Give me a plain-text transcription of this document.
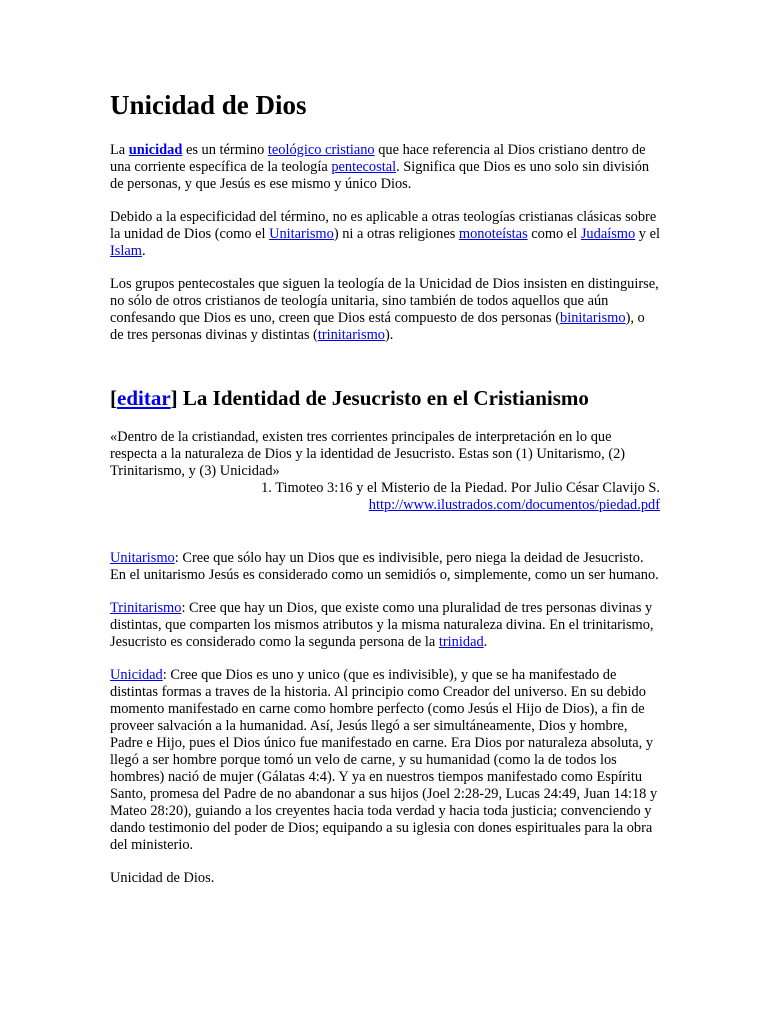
Unicidad de Dios

La unicidad es un término teológico cristiano que hace referencia al Dios cristiano dentro de una corriente específica de la teología pentecostal. Significa que Dios es uno solo sin división de personas, y que Jesús es ese mismo y único Dios.

Debido a la especificidad del término, no es aplicable a otras teologías cristianas clásicas sobre la unidad de Dios (como el Unitarismo) ni a otras religiones monoteístas como el Judaísmo y el Islam.

Los grupos pentecostales que siguen la teología de la Unicidad de Dios insisten en distinguirse, no sólo de otros cristianos de teología unitaria, sino también de todos aquellos que aún confesando que Dios es uno, creen que Dios está compuesto de dos personas (binitarismo), o de tres personas divinas y distintas (trinitarismo).

[editar] La Identidad de Jesucristo en el Cristianismo

«Dentro de la cristiandad, existen tres corrientes principales de interpretación en lo que respecta a la naturaleza de Dios y la identidad de Jesucristo. Estas son (1) Unitarismo, (2) Trinitarismo, y (3) Unicidad»

1. Timoteo 3:16 y el Misterio de la Piedad. Por Julio César Clavijo S.
http://www.ilustrados.com/documentos/piedad.pdf

Unitarismo: Cree que sólo hay un Dios que es indivisible, pero niega la deidad de Jesucristo. En el unitarismo Jesús es considerado como un semidiós o, simplemente, como un ser humano.

Trinitarismo: Cree que hay un Dios, que existe como una pluralidad de tres personas divinas y distintas, que comparten los mismos atributos y la misma naturaleza divina. En el trinitarismo, Jesucristo es considerado como la segunda persona de la trinidad.

Unicidad: Cree que Dios es uno y unico (que es indivisible), y que se ha manifestado de distintas formas a traves de la historia. Al principio como Creador del universo. En su debido momento manifestado en carne como hombre perfecto (como Jesús el Hijo de Dios), a fin de proveer salvación a la humanidad. Así, Jesús llegó a ser simultáneamente, Dios y hombre, Padre e Hijo, pues el Dios único fue manifestado en carne. Era Dios por naturaleza absoluta, y llegó a ser hombre porque tomó un velo de carne, y su humanidad (como la de todos los hombres) nació de mujer (Gálatas 4:4). Y ya en nuestros tiempos manifestado como Espíritu Santo, promesa del Padre de no abandonar a sus hijos (Joel 2:28-29, Lucas 24:49, Juan 14:18 y Mateo 28:20), guiando a los creyentes hacia toda verdad y hacia toda justicia; convenciendo y dando testimonio del poder de Dios; equipando a su iglesia con dones espirituales para la obra del ministerio.

Unicidad de Dios.
